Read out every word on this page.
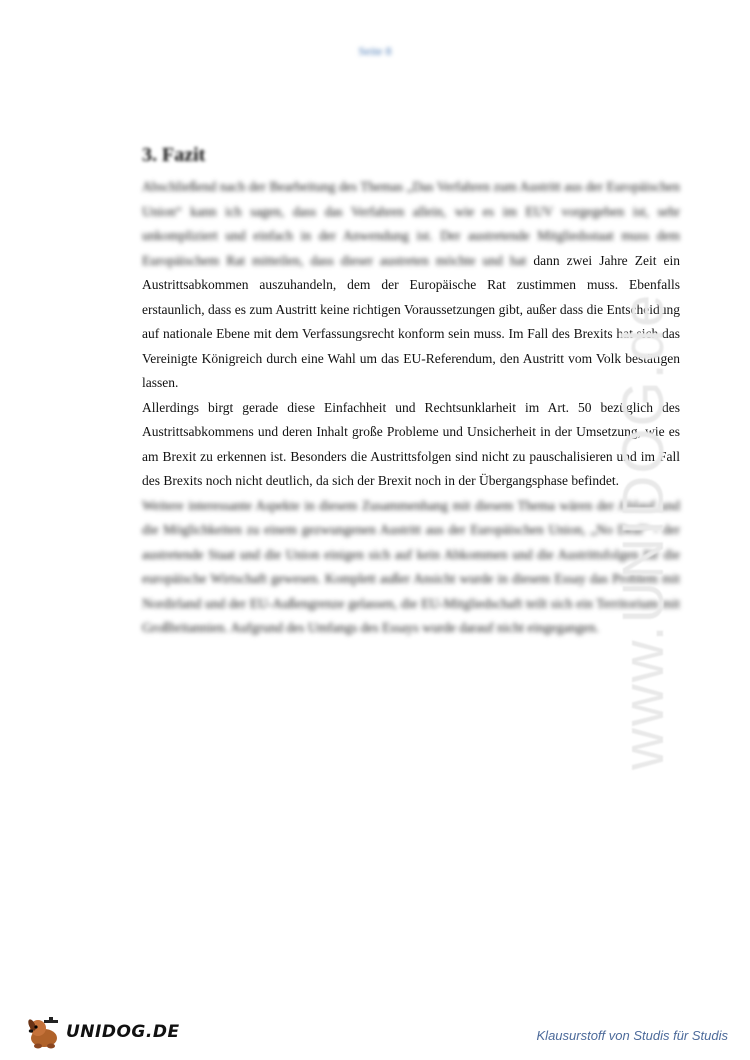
Seite 8
3. Fazit

Abschließend nach der Bearbeitung des Themas „Das Verfahren zum Austritt aus der Europäischen Union“ kann ich sagen, dass das Verfahren allein, wie es im EUV vorgegeben ist, sehr unkompliziert und einfach in der Anwendung ist. Der austretende Mitgliedsstaat muss dem Europäischem Rat mitteilen, dass dieser austreten möchte und hat dann zwei Jahre Zeit ein Austrittsabkommen auszuhandeln, dem der Europäische Rat zustimmen muss. Ebenfalls erstaunlich, dass es zum Austritt keine richtigen Voraussetzungen gibt, außer dass die Entscheidung auf nationale Ebene mit dem Verfassungsrecht konform sein muss. Im Fall des Brexits hat sich das Vereinigte Königreich durch eine Wahl um das EU-Referendum, den Austritt vom Volk bestätigen lassen.

Allerdings birgt gerade diese Einfachheit und Rechtsunklarheit im Art. 50 bezüglich des Austrittsabkommens und deren Inhalt große Probleme und Unsicherheit in der Umsetzung, wie es am Brexit zu erkennen ist. Besonders die Austrittsfolgen sind nicht zu pauschalisieren und im Fall des Brexits noch nicht deutlich, da sich der Brexit noch in der Übergangsphase befindet.

Weitere interessante Aspekte in diesem Zusammenhang mit diesem Thema wären der Ablauf und die Möglichkeiten zu einem gezwungenen Austritt aus der Europäischen Union, „No Deal“ - der austretende Staat und die Union einigen sich auf kein Abkommen und die Austrittsfolgen für die europäische Wirtschaft gewesen. Komplett außer Ansicht wurde in diesem Essay das Problem mit Nordirland und der EU-Außengrenze gelassen, die EU-Mitgliedschaft teilt sich ein Territorium mit Großbritannien. Aufgrund des Umfangs des Essays wurde darauf nicht eingegangen. www.UNIDOG.de
UNIDOG.DE	Klausurstoff von Studis für Studis
